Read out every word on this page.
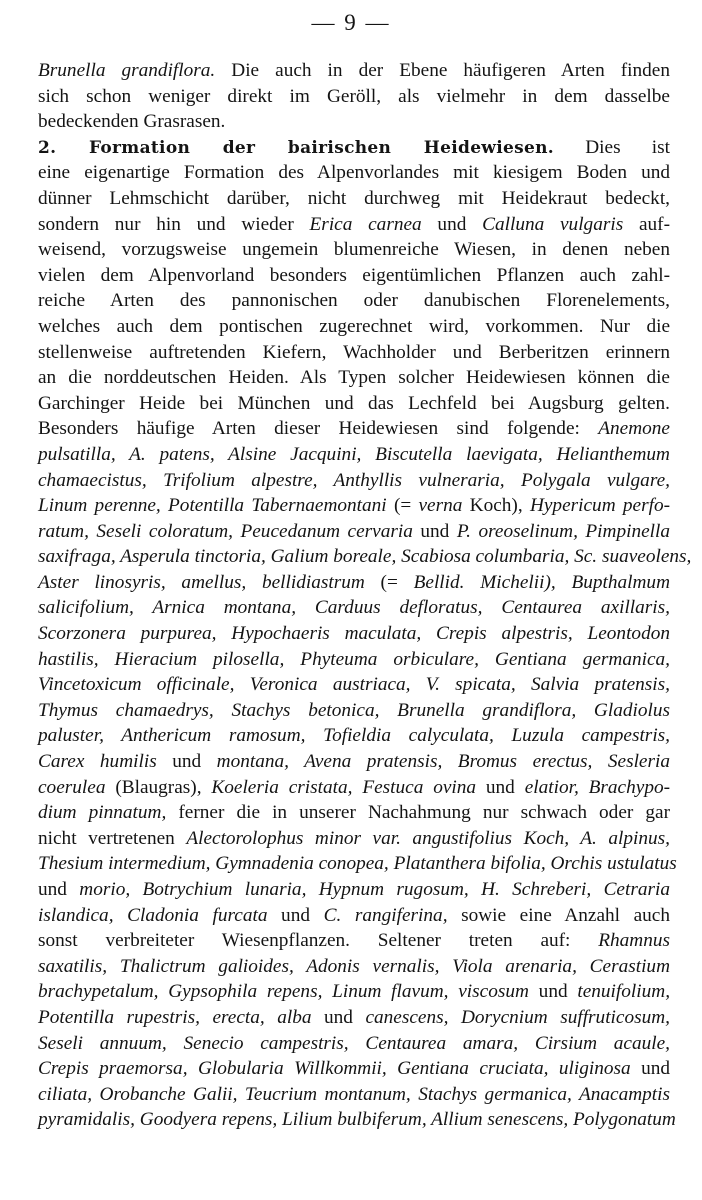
— 9 —
Brunella grandiflora. Die auch in der Ebene häufigeren Arten finden
sich schon weniger direkt im Geröll, als vielmehr in dem dasselbe
bedeckenden Grasrasen.
2. Formation der bairischen Heidewiesen. Dies ist
eine eigenartige Formation des Alpenvorlandes mit kiesigem Boden und
dünner Lehmschicht darüber, nicht durchweg mit Heidekraut bedeckt,
sondern nur hin und wieder Erica carnea und Calluna vulgaris auf-
weisend, vorzugsweise ungemein blumenreiche Wiesen, in denen neben
vielen dem Alpenvorland besonders eigentümlichen Pflanzen auch zahl-
reiche Arten des pannonischen oder danubischen Florenelements,
welches auch dem pontischen zugerechnet wird, vorkommen. Nur die
stellenweise auftretenden Kiefern, Wachholder und Berberitzen erinnern
an die norddeutschen Heiden. Als Typen solcher Heidewiesen können die
Garchinger Heide bei München und das Lechfeld bei Augsburg gelten.
Besonders häufige Arten dieser Heidewiesen sind folgende: Anemone
pulsatilla, A. patens, Alsine Jacquini, Biscutella laevigata, Helianthemum
chamaecistus, Trifolium alpestre, Anthyllis vulneraria, Polygala vulgare,
Linum perenne, Potentilla Tabernaemontani (= verna Koch), Hypericum perfo-
ratum, Seseli coloratum, Peucedanum cervaria und P. oreoselinum, Pimpinella
saxifraga, Asperula tinctoria, Galium boreale, Scabiosa columbaria, Sc. suaveolens,
Aster linosyris, amellus, bellidiastrum (= Bellid. Michelii), Bupthalmum
salicifolium, Arnica montana, Carduus defloratus, Centaurea axillaris,
Scorzonera purpurea, Hypochaeris maculata, Crepis alpestris, Leontodon
hastilis, Hieracium pilosella, Phyteuma orbiculare, Gentiana germanica,
Vincetoxicum officinale, Veronica austriaca, V. spicata, Salvia pratensis,
Thymus chamaedrys, Stachys betonica, Brunella grandiflora, Gladiolus
paluster, Anthericum ramosum, Tofieldia calyculata, Luzula campestris,
Carex humilis und montana, Avena pratensis, Bromus erectus, Sesleria
coerulea (Blaugras), Koeleria cristata, Festuca ovina und elatior, Brachypo-
dium pinnatum, ferner die in unserer Nachahmung nur schwach oder gar
nicht vertretenen Alectorolophus minor var. angustifolius Koch, A. alpinus,
Thesium intermedium, Gymnadenia conopea, Platanthera bifolia, Orchis ustulatus
und morio, Botrychium lunaria, Hypnum rugosum, H. Schreberi, Cetraria
islandica, Cladonia furcata und C. rangiferina, sowie eine Anzahl auch
sonst verbreiteter Wiesenpflanzen. Seltener treten auf: Rhamnus
saxatilis, Thalictrum galioides, Adonis vernalis, Viola arenaria, Cerastium
brachypetalum, Gypsophila repens, Linum flavum, viscosum und tenuifolium,
Potentilla rupestris, erecta, alba und canescens, Dorycnium suffruticosum,
Seseli annuum, Senecio campestris, Centaurea amara, Cirsium acaule,
Crepis praemorsa, Globularia Willkommii, Gentiana cruciata, uliginosa und
ciliata, Orobanche Galii, Teucrium montanum, Stachys germanica, Anacamptis
pyramidalis, Goodyera repens, Lilium bulbiferum, Allium senescens, Polygonatum
